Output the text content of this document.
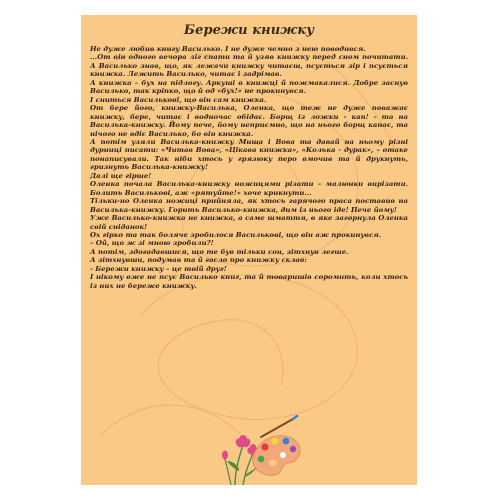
Бережи книжку

Не дуже любив книгу Василько. І не дуже чемно з нею поводився.

...От він одного вечора ліг спати та й узяв книжку перед сном почитати. А Василько знав, що, як лежачи книжку читаєш, псується зір і псується книжка. Лежить Василько, читає і задрімав.

А книжка – бух на підлогу. Аркуші в книжці й пожмакалися. Добре заснув Василько, так кріпко, що й од «бух!» не прокинувся.

І сниться Василькові, що він сам книжка.

От бере його, книжку-Василька, Оленка, що теж не дуже поважає книжку, бере, читає і водночас обідає. Борщ із ложки - кап! - та на Василька-книжку. Йому пече, йому неприємно, що на нього борщ капає, та нічого не вдіє Василько, бо він книжка.

А потім узяли Василька-книжку Миша і Вова та давай на ньому різні дурниці писати: «Читав Вова», «Цікава книжка», «Колька - дурак», – отаке понаписували. Так ніби хтось у грязюку перо вмочив та й друкнуть, гризнуть Василька-книжку!

Далі ще гірше!

Оленка почала Василька-книжку ножицями різати – малюнки вирізати. Болить Василькові, аж «рятуйте!» хоче крикнути...

Тільки-но Оленка ножиці прийняла, як хтось гарячого праса поставив на Василька-книжку. Горить Василько-книжка, дим із нього іде! Пече йому!

Уже Василько-книжка не книжка, а саме шмаття, в яке загорнула Оленка свій сніданок!

Ох гірко та так боляче зробилося Василькові, що він аж прокинувся.

– Ой, що ж зі мною зробили?!

А потім, здогадавшися, що те був тільки сон, зітхнув легше.

А зітхнувши, подумав та й гасло про книжку склав:

- Бережи книжку – це твій друг!

І нікому вже не псує Василько книг, та й товаришів соромить, коли хтось із них не береже книжку.
